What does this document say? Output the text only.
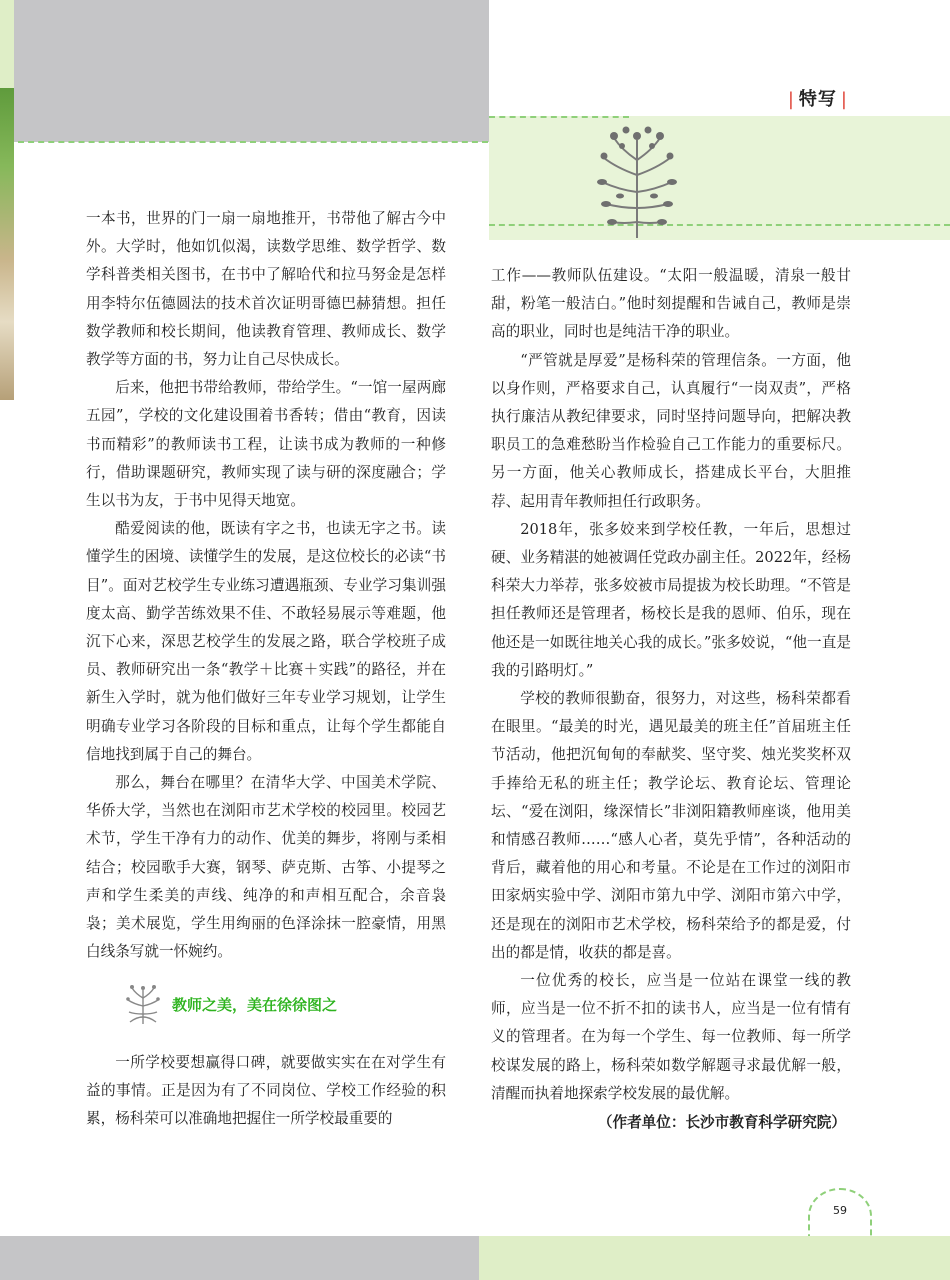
| 特写 |

一本书，世界的门一扇一扇地推开，书带他了解古今中外。大学时，他如饥似渴，读数学思维、数学哲学、数学科普类相关图书，在书中了解哈代和拉马努金是怎样用李特尔伍德圆法的技术首次证明哥德巴赫猜想。担任数学教师和校长期间，他读教育管理、教师成长、数学教学等方面的书，努力让自己尽快成长。

后来，他把书带给教师，带给学生。“一馆一屋两廊五园”，学校的文化建设围着书香转；借由“教育，因读书而精彩”的教师读书工程，让读书成为教师的一种修行，借助课题研究，教师实现了读与研的深度融合；学生以书为友，于书中见得天地宽。

酷爱阅读的他，既读有字之书，也读无字之书。读懂学生的困境、读懂学生的发展，是这位校长的必读“书目”。面对艺校学生专业练习遭遇瓶颈、专业学习集训强度太高、勤学苦练效果不佳、不敢轻易展示等难题，他沉下心来，深思艺校学生的发展之路，联合学校班子成员、教师研究出一条“教学＋比赛＋实践”的路径，并在新生入学时，就为他们做好三年专业学习规划，让学生明确专业学习各阶段的目标和重点，让每个学生都能自信地找到属于自己的舞台。

那么，舞台在哪里？在清华大学、中国美术学院、华侨大学，当然也在浏阳市艺术学校的校园里。校园艺术节，学生干净有力的动作、优美的舞步，将刚与柔相结合；校园歌手大赛，钢琴、萨克斯、古筝、小提琴之声和学生柔美的声线、纯净的和声相互配合，余音袅袅；美术展览，学生用绚丽的色泽涂抹一腔豪情，用黑白线条写就一怀婉约。

教师之美，美在徐徐图之

一所学校要想赢得口碑，就要做实实在在对学生有益的事情。正是因为有了不同岗位、学校工作经验的积累，杨科荣可以准确地把握住一所学校最重要的

工作——教师队伍建设。“太阳一般温暖，清泉一般甘甜，粉笔一般洁白。”他时刻提醒和告诫自己，教师是崇高的职业，同时也是纯洁干净的职业。

“严管就是厚爱”是杨科荣的管理信条。一方面，他以身作则，严格要求自己，认真履行“一岗双责”，严格执行廉洁从教纪律要求，同时坚持问题导向，把解决教职员工的急难愁盼当作检验自己工作能力的重要标尺。另一方面，他关心教师成长，搭建成长平台，大胆推荐、起用青年教师担任行政职务。

2018年，张多姣来到学校任教，一年后，思想过硬、业务精湛的她被调任党政办副主任。2022年，经杨科荣大力举荐，张多姣被市局提拔为校长助理。“不管是担任教师还是管理者，杨校长是我的恩师、伯乐，现在他还是一如既往地关心我的成长。”张多姣说，“他一直是我的引路明灯。”

学校的教师很勤奋，很努力，对这些，杨科荣都看在眼里。“最美的时光，遇见最美的班主任”首届班主任节活动，他把沉甸甸的奉献奖、坚守奖、烛光奖奖杯双手捧给无私的班主任；教学论坛、教育论坛、管理论坛、“爱在浏阳，缘深情长”非浏阳籍教师座谈，他用美和情感召教师……“感人心者，莫先乎情”，各种活动的背后，藏着他的用心和考量。不论是在工作过的浏阳市田家炳实验中学、浏阳市第九中学、浏阳市第六中学，还是现在的浏阳市艺术学校，杨科荣给予的都是爱，付出的都是情，收获的都是喜。

一位优秀的校长，应当是一位站在课堂一线的教师，应当是一位不折不扣的读书人，应当是一位有情有义的管理者。在为每一个学生、每一位教师、每一所学校谋发展的路上，杨科荣如数学解题寻求最优解一般，清醒而执着地探索学校发展的最优解。

（作者单位：长沙市教育科学研究院）
59
